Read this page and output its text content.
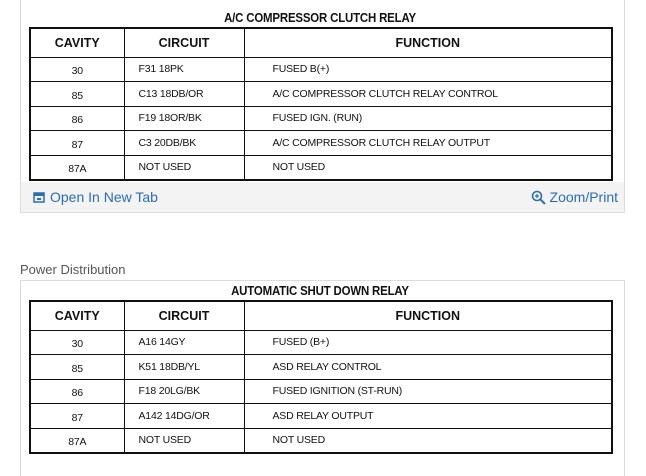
A/C COMPRESSOR CLUTCH RELAY
CAVITY	CIRCUIT	FUNCTION
30	F31 18PK	FUSED B(+)
85	C13 18DB/OR	A/C COMPRESSOR CLUTCH RELAY CONTROL
86	F19 18OR/BK	FUSED IGN. (RUN)
87	C3 20DB/BK	A/C COMPRESSOR CLUTCH RELAY OUTPUT
87A	NOT USED	NOT USED
Open In New Tab	Zoom/Print
Power Distribution
AUTOMATIC SHUT DOWN RELAY
CAVITY	CIRCUIT	FUNCTION
30	A16 14GY	FUSED (B+)
85	K51 18DB/YL	ASD RELAY CONTROL
86	F18 20LG/BK	FUSED IGNITION (ST-RUN)
87	A142 14DG/OR	ASD RELAY OUTPUT
87A	NOT USED	NOT USED
